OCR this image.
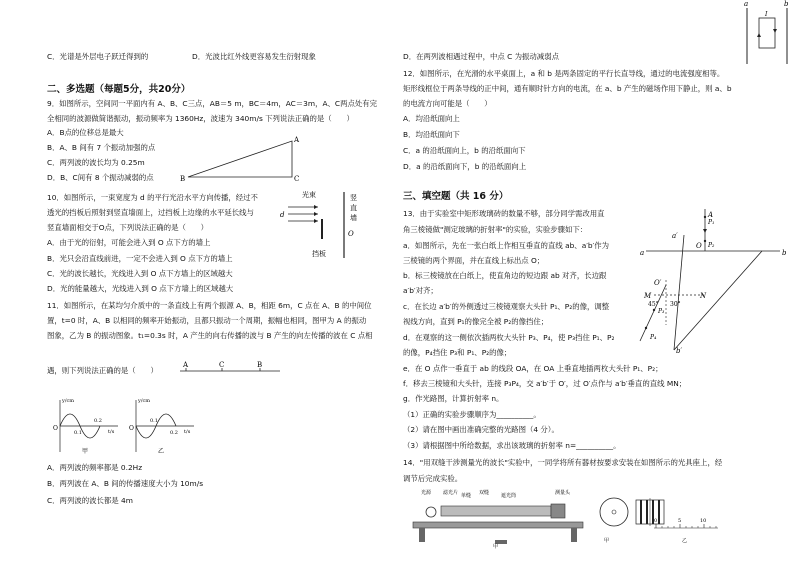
C．光谱是外层电子跃迁得到的	D．光波比红外线更容易发生衍射现象
二、多选题（每题5分，共20分）
9．如图所示，空间同一平面内有 A、B、C三点，AB＝5 m，BC＝4m，AC＝3m，A、C两点处有完
全相同的波源做简谐振动，振动频率为 1360Hz，波速为 340m/s 下列说法正确的是（　　）
A．B点的位移总是最大
B．A、B 间有 7 个振动加强的点
C．两列波的波长均为 0.25m
D．B、C间有 8 个振动减弱的点
10．如图所示，一束宽度为 d 的平行光沿水平方向传播，经过不
透光的挡板后照射到竖直墙面上，过挡板上边缘的水平延长线与
竖直墙面相交于O点，下列说法正确的是（　　）
A．由于光的衍射，可能会进入到 O 点下方的墙上
B．光只会沿直线前进，一定不会进入到 O 点下方的墙上
C．光的波长越长，光线进入到 O 点下方墙上的区域越大
D．光的能量越大，光线进入到 O 点下方墙上的区域越大
11．如图所示，在某均匀介质中的一条直线上有两个振源 A、B，相距 6m，C 点在 A、B 的中间位
置，t=0 时，A、B 以相同的频率开始振动，且都只振动一个周期，振幅也相同，图甲为 A 的振动
图象，乙为 B 的振动图象。t₁=0.3s 时，A 产生的向右传播的波与 B 产生的向左传播的波在 C 点相
遇，则下列说法正确的是（　　）
A．两列波的频率都是 0.2Hz
B．两列波在 A、B 间的传播速度大小为 10m/s
C．两列波的波长都是 4m
A
B	C
光束
d
O
挡板
竖
直
墙
A	C	B
y/cm
O
0.1
0.2
t/s
甲
y/cm
O
0.1
0.2 t/s
乙
D．在两列波相遇过程中，中点 C 为振动减弱点
12．如图所示，在光滑的水平桌面上，a 和 b 是两条固定的平行长直导线，通过的电流强度相等。
矩形线框位于两条导线的正中间，通有顺时针方向的电流，在 a、b 产生的磁场作用下静止，则 a、b
的电流方向可能是（　　）
A．均沿纸面向上
B．均沿纸面向下
C．a 的沿纸面向上，b 的沿纸面向下
D．a 的沿纸面向下，b 的沿纸面向上
三、填空题（共 16 分）
13．由于实验室中矩形玻璃砖的数量不够，部分同学需改用直
角三棱镜做"测定玻璃的折射率"的实验，实验步骤如下：
a．如图所示，先在一张白纸上作相互垂直的直线 ab、a′b′作为
三棱镜的两个界面，并在直线上标出点 O；
b．标三棱镜放在白纸上，使直角边的短边跟 ab 对齐，长边跟
a′b′对齐；
c．在长边 a′b′的外侧透过三棱镜观察大头针 P₁、P₂的像，调整
视线方向，直到 P₁的像完全被 P₂的像挡住；
d．在观察的这一侧依次插两枚大头针 P₃、P₄，使 P₃挡住 P₁、P₂
的像，P₄挡住 P₃和 P₁、P₂的像；
e．在 O 点作一垂直于 ab 的线段 OA，在 OA 上垂直地插两枚大头针 P₁、P₂；
f．移去三棱镜和大头针，连接 P₃P₄，交 a′b′于 O′，过 O′点作与 a′b′垂直的直线 MN；
g．作光路图，计算折射率 n。
（1）正确的实验步骤顺序为__________。
（2）请在图中画出准确完整的光路图（4 分）。
（3）请根据图中所给数据，求出该玻璃的折射率 n=__________。
14．"用双缝干涉测量光的波长"实验中，一同学将所有器材按要求安装在如图所示的光具座上，经
调节后完成实验。
a	b
I
a	b
a′
b′
A
P₁
P₂
O
M	N
O′
P₃
P₄
45° 30°
光源 滤光片 单缝 双缝 遮光筒	测量头
甲
甲
0	5	10
乙
